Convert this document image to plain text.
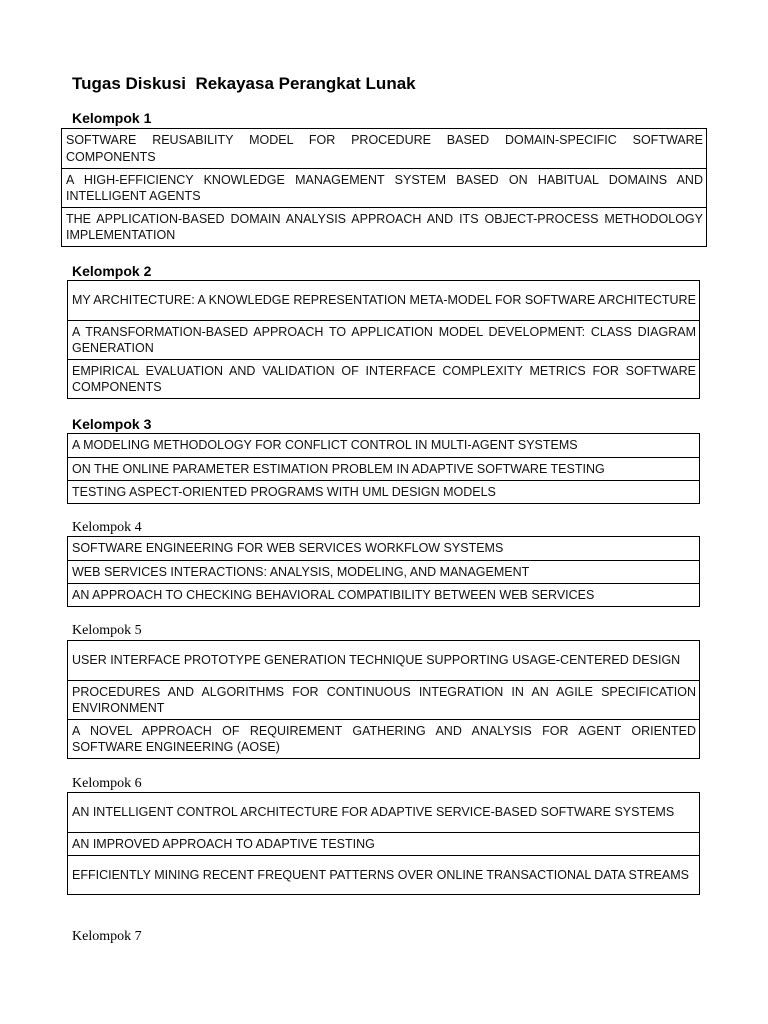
Tugas Diskusi  Rekayasa Perangkat Lunak
Kelompok 1
SOFTWARE REUSABILITY MODEL FOR PROCEDURE BASED DOMAIN-SPECIFIC SOFTWARE COMPONENTS
A HIGH-EFFICIENCY KNOWLEDGE MANAGEMENT SYSTEM BASED ON HABITUAL DOMAINS AND INTELLIGENT AGENTS
THE APPLICATION-BASED DOMAIN ANALYSIS APPROACH AND ITS OBJECT-PROCESS METHODOLOGY IMPLEMENTATION
Kelompok 2
MY ARCHITECTURE: A KNOWLEDGE REPRESENTATION META-MODEL FOR SOFTWARE ARCHITECTURE
A TRANSFORMATION-BASED APPROACH TO APPLICATION MODEL DEVELOPMENT: CLASS DIAGRAM GENERATION
EMPIRICAL EVALUATION AND VALIDATION OF INTERFACE COMPLEXITY METRICS FOR SOFTWARE COMPONENTS
Kelompok 3
A MODELING METHODOLOGY FOR CONFLICT CONTROL IN MULTI-AGENT SYSTEMS
ON THE ONLINE PARAMETER ESTIMATION PROBLEM IN ADAPTIVE SOFTWARE TESTING
TESTING ASPECT-ORIENTED PROGRAMS WITH UML DESIGN MODELS
Kelompok 4
SOFTWARE ENGINEERING FOR WEB SERVICES WORKFLOW SYSTEMS
WEB SERVICES INTERACTIONS: ANALYSIS, MODELING, AND MANAGEMENT
AN APPROACH TO CHECKING BEHAVIORAL COMPATIBILITY BETWEEN WEB SERVICES
Kelompok 5
USER INTERFACE PROTOTYPE GENERATION TECHNIQUE SUPPORTING USAGE-CENTERED DESIGN
PROCEDURES AND ALGORITHMS FOR CONTINUOUS INTEGRATION IN AN AGILE SPECIFICATION ENVIRONMENT
A NOVEL APPROACH OF REQUIREMENT GATHERING AND ANALYSIS FOR AGENT ORIENTED SOFTWARE ENGINEERING (AOSE)
Kelompok 6
AN INTELLIGENT CONTROL ARCHITECTURE FOR ADAPTIVE SERVICE-BASED SOFTWARE SYSTEMS
AN IMPROVED APPROACH TO ADAPTIVE TESTING
EFFICIENTLY MINING RECENT FREQUENT PATTERNS OVER ONLINE TRANSACTIONAL DATA STREAMS
Kelompok 7
